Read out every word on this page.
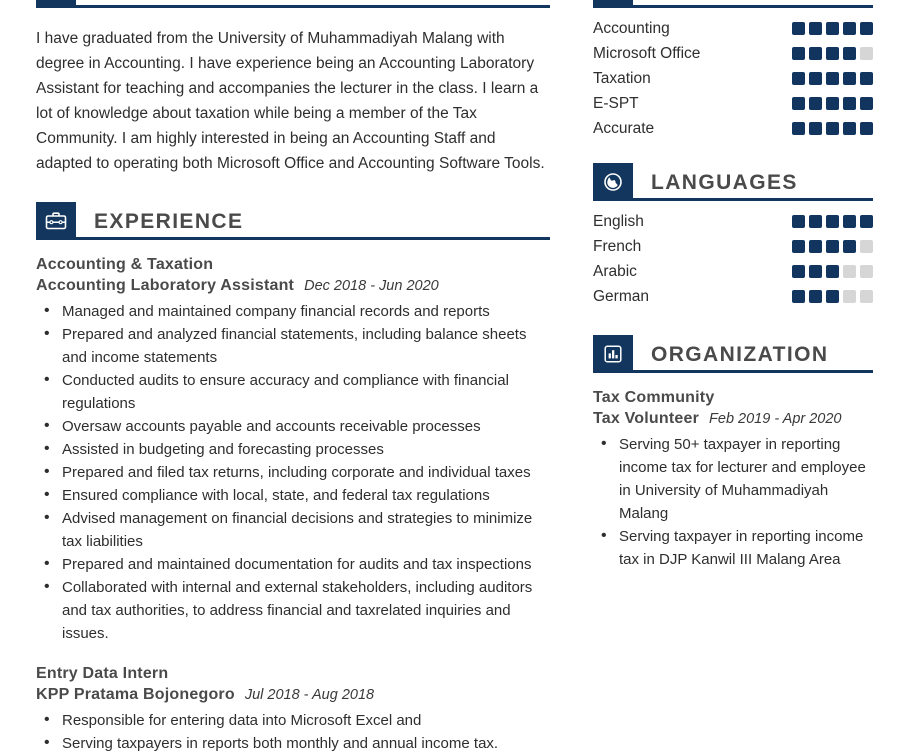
I have graduated from the University of Muhammadiyah Malang with degree in Accounting. I have experience being an Accounting Laboratory Assistant for teaching and accompanies the lecturer in the class. I learn a lot of knowledge about taxation while being a member of the Tax Community. I am highly interested in being an Accounting Staff and adapted to operating both Microsoft Office and Accounting Software Tools.

EXPERIENCE
Accounting & Taxation
Accounting Laboratory Assistant Dec 2018 - Jun 2020
• Managed and maintained company financial records and reports
• Prepared and analyzed financial statements, including balance sheets and income statements
• Conducted audits to ensure accuracy and compliance with financial regulations
• Oversaw accounts payable and accounts receivable processes
• Assisted in budgeting and forecasting processes
• Prepared and filed tax returns, including corporate and individual taxes
• Ensured compliance with local, state, and federal tax regulations
• Advised management on financial decisions and strategies to minimize tax liabilities
• Prepared and maintained documentation for audits and tax inspections
• Collaborated with internal and external stakeholders, including auditors and tax authorities, to address financial and taxrelated inquiries and issues.
Entry Data Intern
KPP Pratama Bojonegoro Jul 2018 - Aug 2018
• Responsible for entering data into Microsoft Excel and
• Serving taxpayers in reports both monthly and annual income tax.
Accounting
Microsoft Office
Taxation
E-SPT
Accurate
LANGUAGES
English
French
Arabic
German
ORGANIZATION
Tax Community
Tax Volunteer Feb 2019 - Apr 2020
• Serving 50+ taxpayer in reporting income tax for lecturer and employee in University of Muhammadiyah Malang
• Serving taxpayer in reporting income tax in DJP Kanwil III Malang Area
